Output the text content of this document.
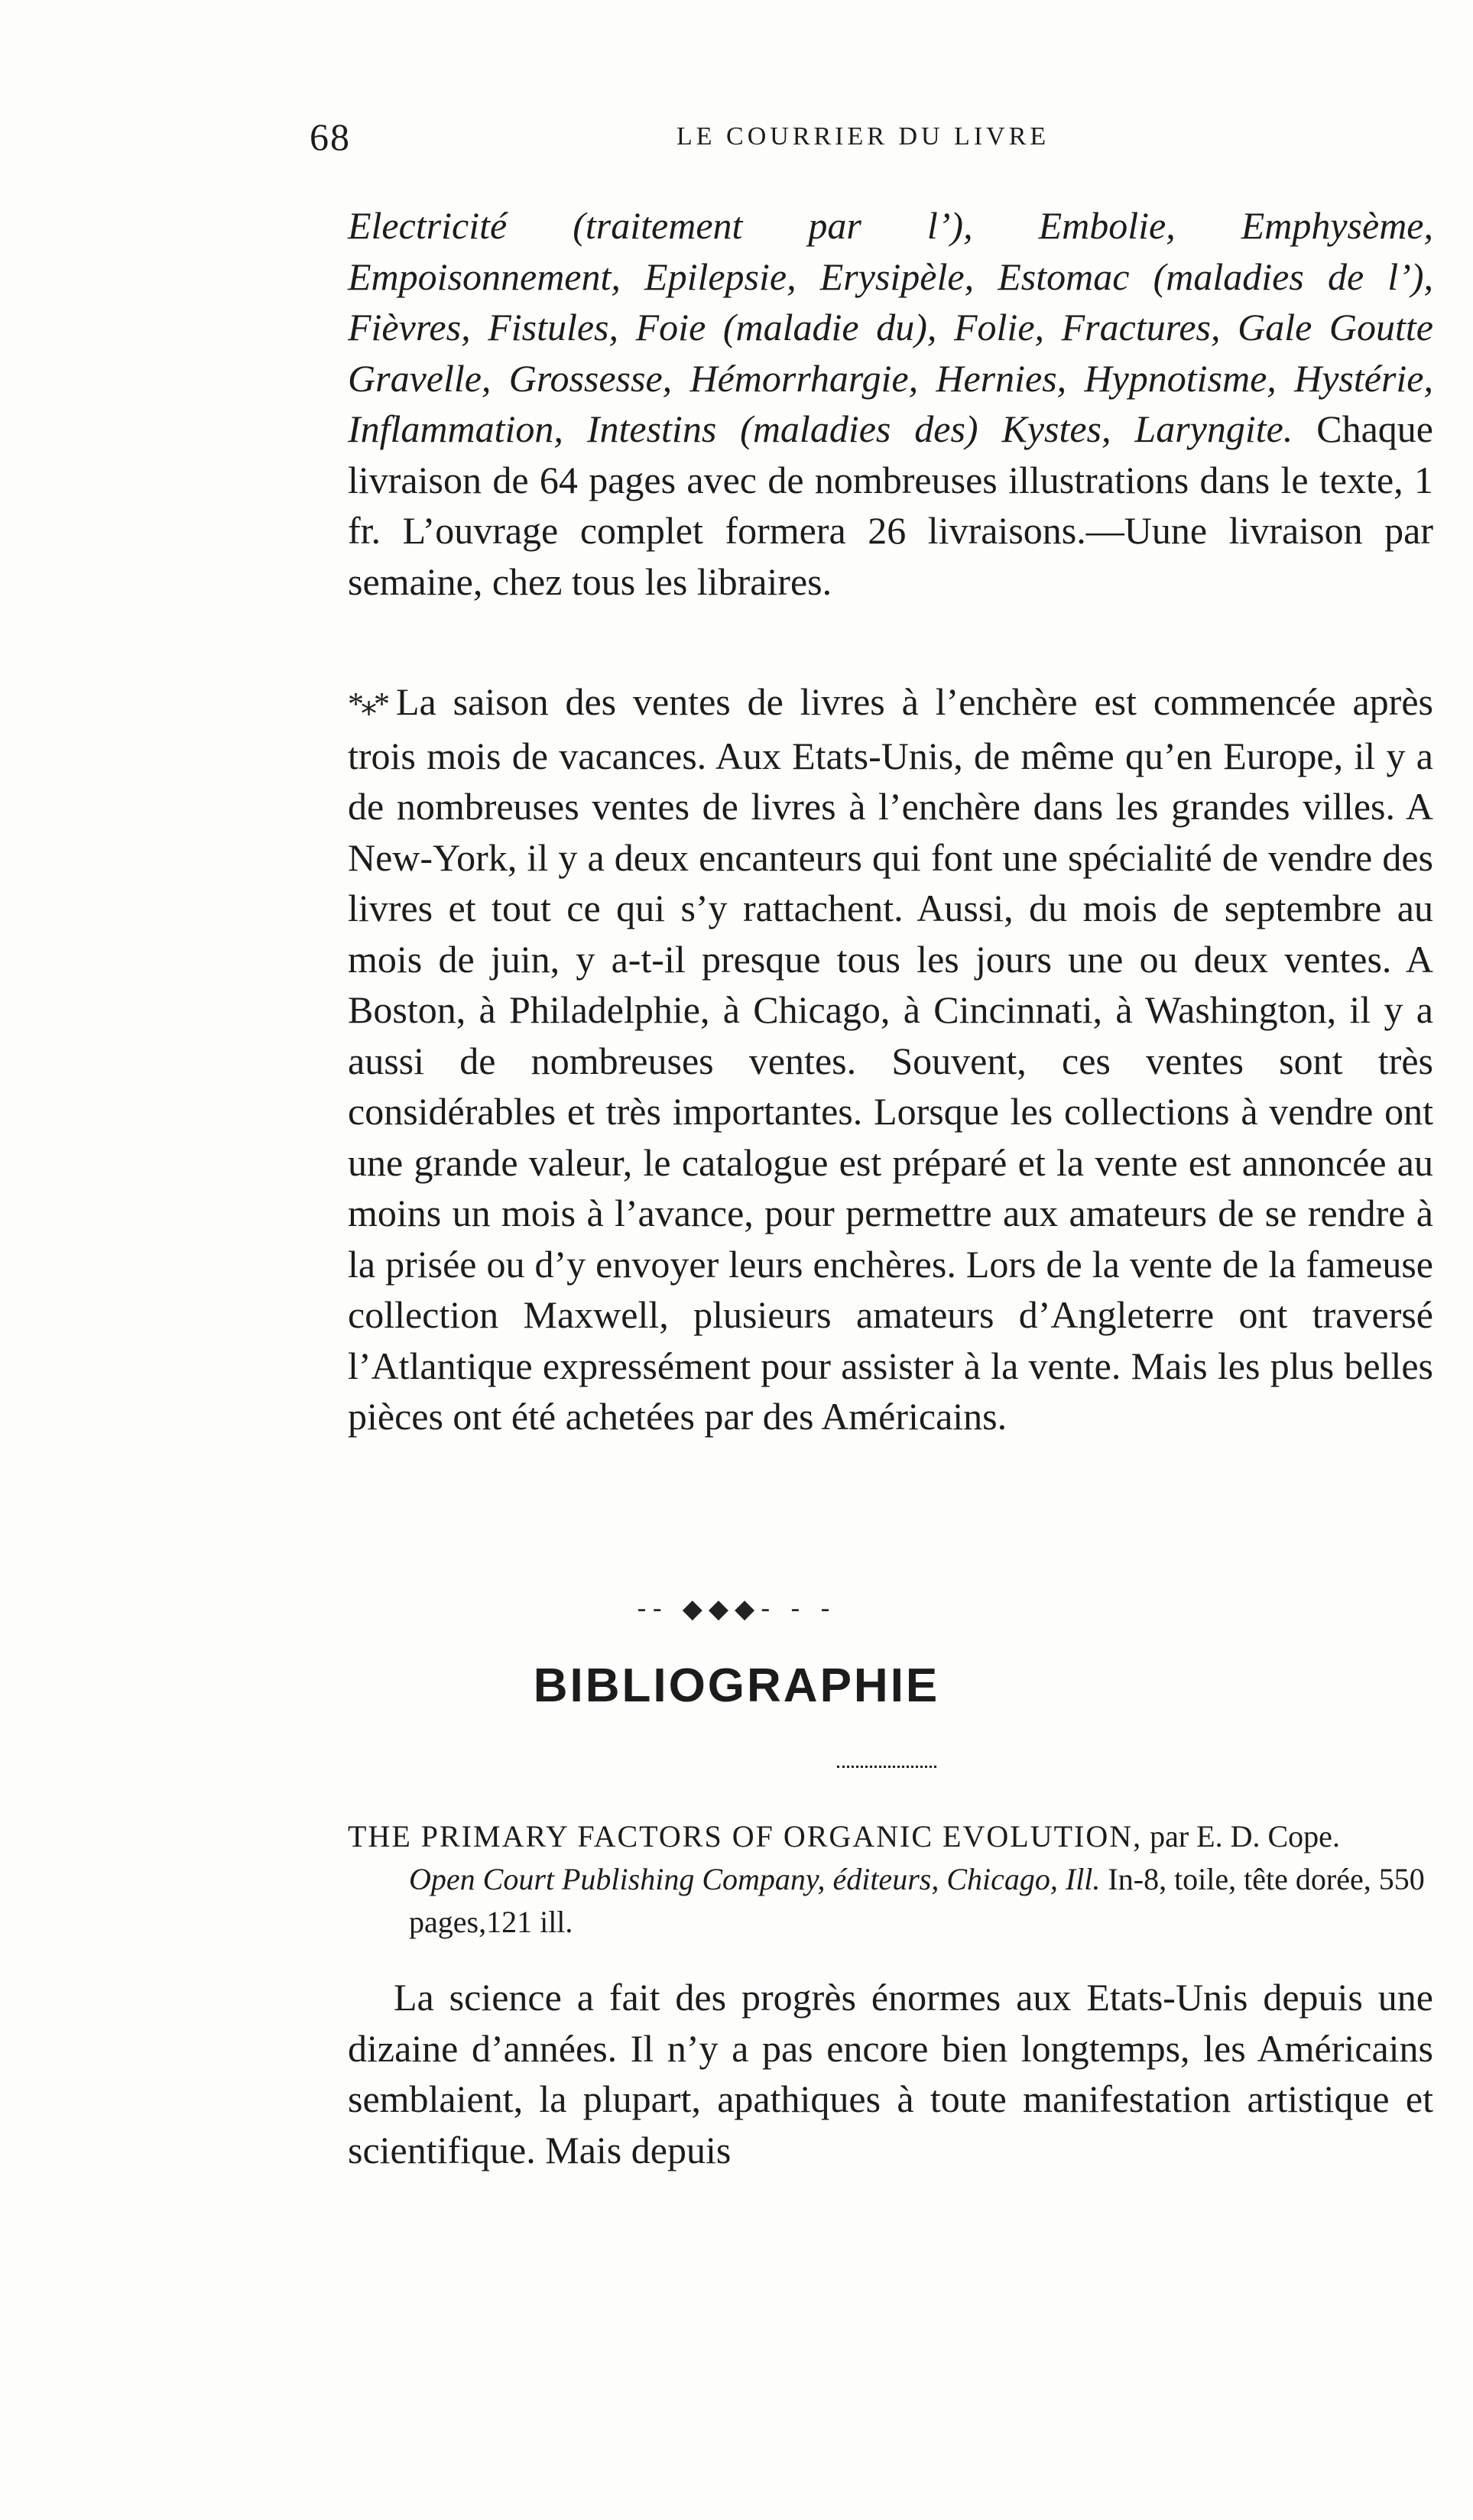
68	LE COURRIER DU LIVRE
Electricité (traitement par l’), Embolie, Emphysème, Empoisonnement, Epilepsie, Erysipèle, Estomac (maladies de l’), Fièvres, Fistules, Foie (maladie du), Folie, Fractures, Gale Goutte Gravelle, Grossesse, Hémorrhargie, Hernies, Hypnotisme, Hystérie, Inflammation, Intestins (maladies des) Kystes, Laryngite. Chaque livraison de 64 pages avec de nombreuses illustrations dans le texte, 1 fr. L’ouvrage complet formera 26 livraisons.—Uune livraison par semaine, chez tous les libraires.
*⁎* La saison des ventes de livres à l’enchère est commencée après trois mois de vacances. Aux Etats-Unis, de même qu’en Europe, il y a de nombreuses ventes de livres à l’enchère dans les grandes villes. A New-York, il y a deux encanteurs qui font une spécialité de vendre des livres et tout ce qui s’y rattachent. Aussi, du mois de septembre au mois de juin, y a-t-il presque tous les jours une ou deux ventes. A Boston, à Philadelphie, à Chicago, à Cincinnati, à Washington, il y a aussi de nombreuses ventes. Souvent, ces ventes sont très considérables et très importantes. Lorsque les collections à vendre ont une grande valeur, le catalogue est préparé et la vente est annoncée au moins un mois à l’avance, pour permettre aux amateurs de se rendre à la prisée ou d’y envoyer leurs enchères. Lors de la vente de la fameuse collection Maxwell, plusieurs amateurs d’Angleterre ont traversé l’Atlantique expressément pour assister à la vente. Mais les plus belles pièces ont été achetées par des Américains.
-- ◆◆◆- - -
BIBLIOGRAPHIE
THE PRIMARY FACTORS OF ORGANIC EVOLUTION, par E. D. Cope.
Open Court Publishing Company, éditeurs, Chicago, Ill. In-8, toile, tête dorée, 550 pages,121 ill.
La science a fait des progrès énormes aux Etats-Unis depuis une dizaine d’années. Il n’y a pas encore bien longtemps, les Américains semblaient, la plupart, apathiques à toute manifestation artistique et scientifique. Mais depuis
